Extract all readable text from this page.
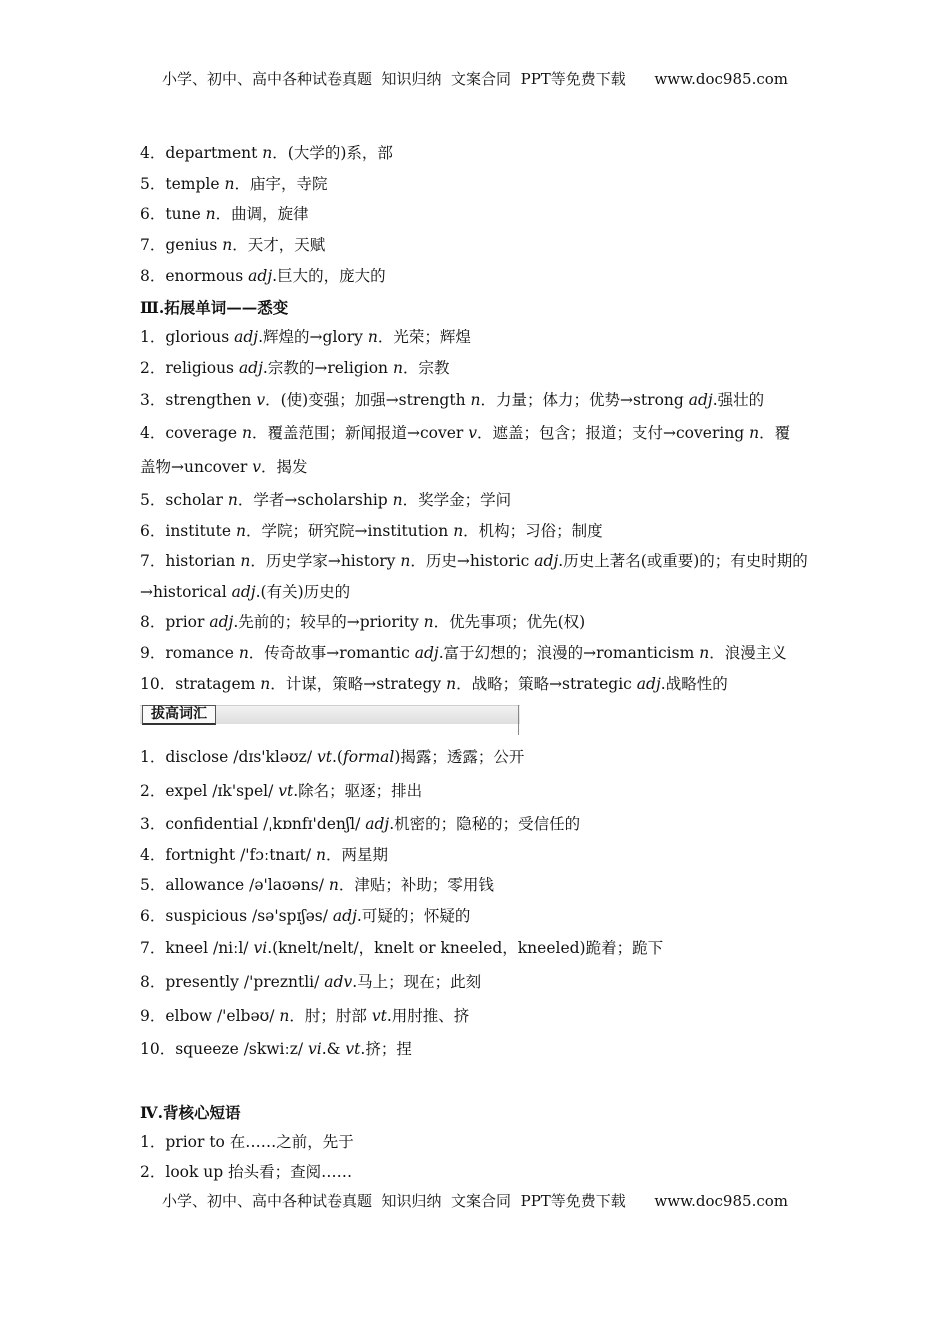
小学、初中、高中各种试卷真题  知识归纳  文案合同  PPT等免费下载      www.doc985.com
4．department n．(大学的)系，部
5．temple n．庙宇，寺院
6．tune n．曲调，旋律
7．genius n．天才，天赋
8．enormous adj.巨大的，庞大的
Ⅲ.拓展单词——悉变
1．glorious adj.辉煌的→glory n．光荣；辉煌
2．religious adj.宗教的→religion n．宗教
3．strengthen v．(使)变强；加强→strength n．力量；体力；优势→strong adj.强壮的
4．coverage n．覆盖范围；新闻报道→cover v．遮盖；包含；报道；支付→covering n．覆
盖物→uncover v．揭发
5．scholar n．学者→scholarship n．奖学金；学问
6．institute n．学院；研究院→institution n．机构；习俗；制度
7．historian n．历史学家→history n．历史→historic adj.历史上著名(或重要)的；有史时期的
→historical adj.(有关)历史的
8．prior adj.先前的；较早的→priority n．优先事项；优先(权)
9．romance n．传奇故事→romantic adj.富于幻想的；浪漫的→romanticism n．浪漫主义
10．stratagem n．计谋，策略→strategy n．战略；策略→strategic adj.战略性的
拔高词汇
1．disclose /dɪs'kləʊz/ vt.(formal)揭露；透露；公开
2．expel /ɪk'spel/ vt.除名；驱逐；排出
3．confidential /ˌkɒnfɪ'denʃl/ adj.机密的；隐秘的；受信任的
4．fortnight /'fɔːtnaɪt/ n．两星期
5．allowance /ə'laʊəns/ n．津贴；补助；零用钱
6．suspicious /sə'spɪʃəs/ adj.可疑的；怀疑的
7．kneel /niːl/ vi.(knelt/nelt/，knelt or kneeled，kneeled)跪着；跪下
8．presently /'prezntli/ adv.马上；现在；此刻
9．elbow /'elbəʊ/ n．肘；肘部 vt.用肘推、挤
10．squeeze /skwiːz/ vi.& vt.挤；捏
Ⅳ.背核心短语
1．prior to 在……之前，先于
2．look up 抬头看；查阅……
小学、初中、高中各种试卷真题  知识归纳  文案合同  PPT等免费下载      www.doc985.com
